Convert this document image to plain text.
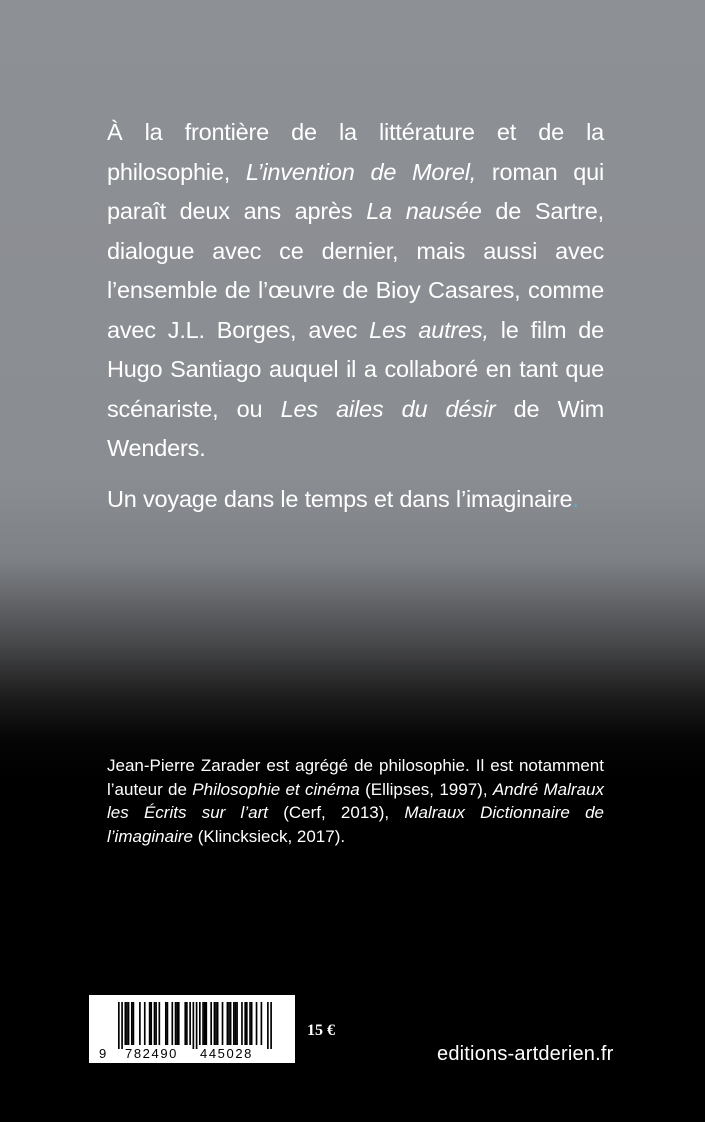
À la frontière de la littérature et de la philosophie, L’invention de Morel, roman qui paraît deux ans après La nausée de Sartre, dialogue avec ce dernier, mais aussi avec l’ensemble de l’œuvre de Bioy Casares, comme avec J.L. Borges, avec Les autres, le film de Hugo Santiago auquel il a collaboré en tant que scénariste, ou Les ailes du désir de Wim Wenders.

Un voyage dans le temps et dans l’imaginaire.

Jean-Pierre Zarader est agrégé de philosophie. Il est notamment l’auteur de Philosophie et cinéma (Ellipses, 1997), André Malraux les Écrits sur l’art (Cerf, 2013), Malraux Dictionnaire de l’imaginaire (Klincksieck, 2017).

9 782490 445028
15 €
editions-artderien.fr
